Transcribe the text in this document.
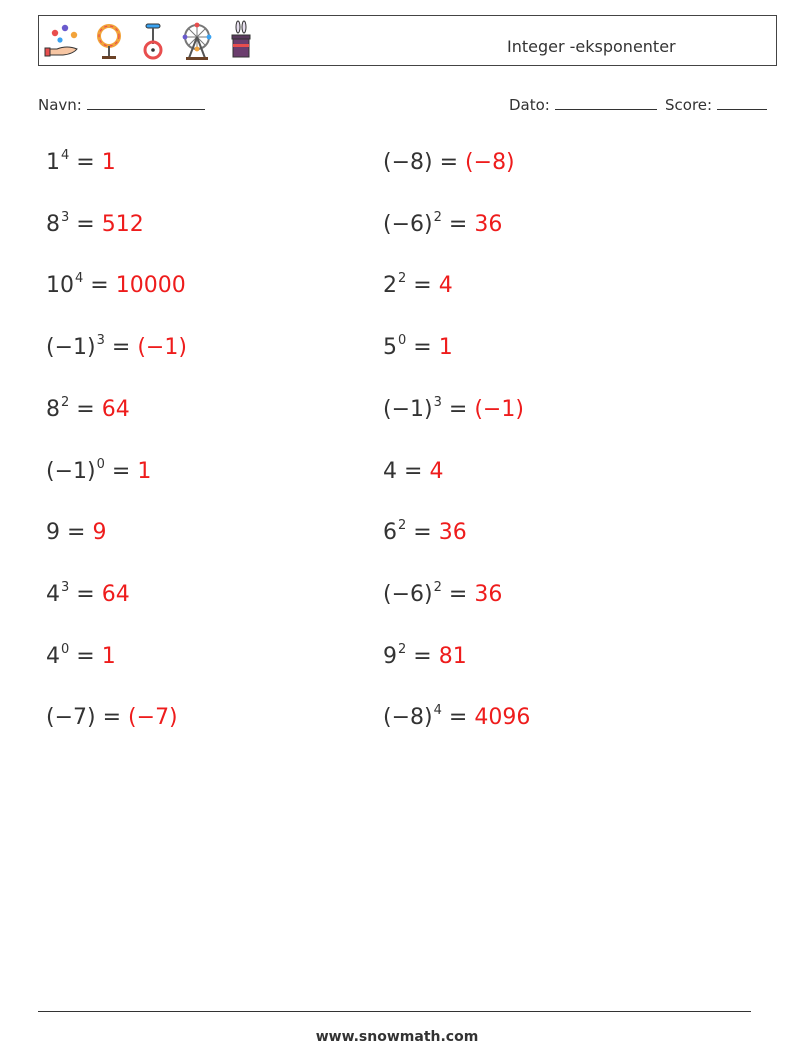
Integer -eksponenter
Navn:	Dato:	Score:
$1^4 = 1$	(−8) = (−8)
$8^3 = 512$	$(-6)^2 = 36$
$10^4 = 10000$	$2^2 = 4$
$(-1)^3 = (-1)$	$5^0 = 1$
$8^2 = 64$	$(-1)^3 = (-1)$
$(-1)^0 = 1$	4 = 4
9 = 9	$6^2 = 36$
$4^3 = 64$	$(-6)^2 = 36$
$4^0 = 1$	$9^2 = 81$
(−7) = (−7)	$(-8)^4 = 4096$
www.snowmath.com
